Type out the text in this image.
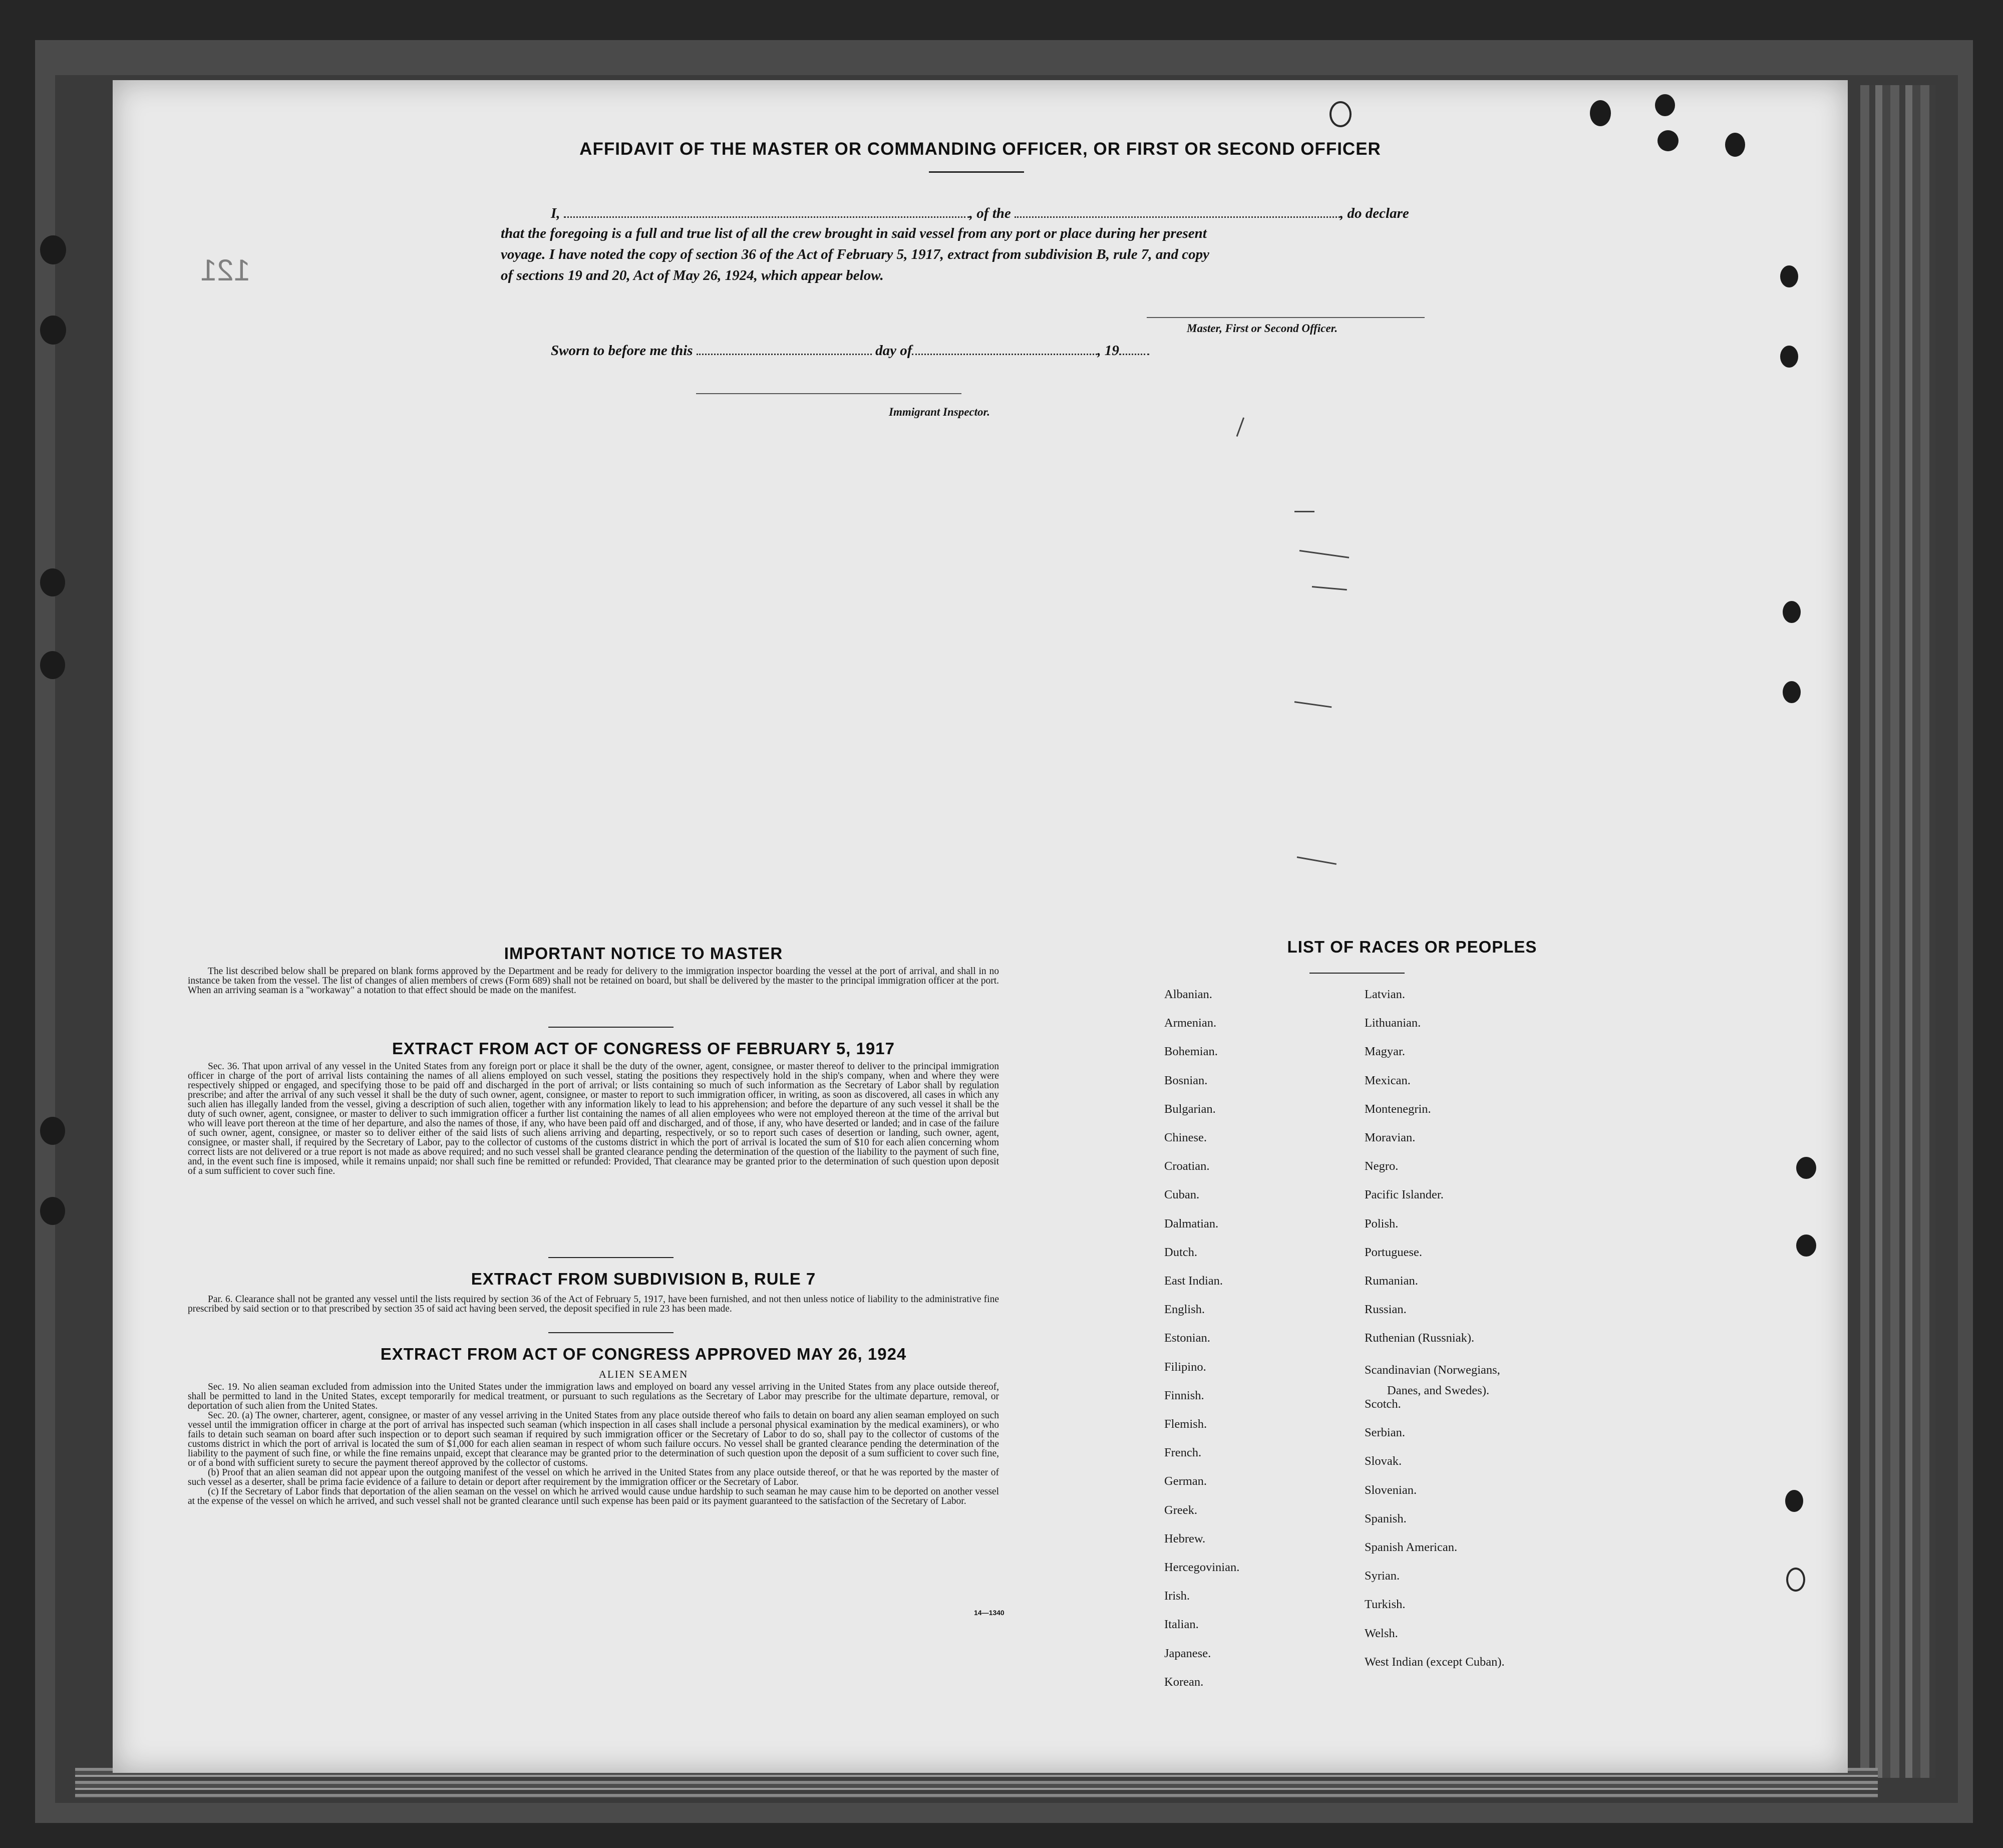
121
AFFIDAVIT OF THE MASTER OR COMMANDING OFFICER, OR FIRST OR SECOND OFFICER
I,	, of the	, do declare
that the foregoing is a full and true list of all the crew brought in said vessel from any port or place during her present
voyage. I have noted the copy of section 36 of the Act of February 5, 1917, extract from subdivision B, rule 7, and copy
of sections 19 and 20, Act of May 26, 1924, which appear below.
Master, First or Second Officer.
Sworn to before me this	day of	, 19
Immigrant Inspector.
IMPORTANT NOTICE TO MASTER

The list described below shall be prepared on blank forms approved by the Department and be ready for delivery to the immigration inspector boarding the vessel at the port of arrival, and shall in no instance be taken from the vessel. The list of changes of alien members of crews (Form 689) shall not be retained on board, but shall be delivered by the master to the principal immigration officer at the port. When an arriving seaman is a "workaway" a notation to that effect should be made on the manifest.

EXTRACT FROM ACT OF CONGRESS OF FEBRUARY 5, 1917

Sec. 36. That upon arrival of any vessel in the United States from any foreign port or place it shall be the duty of the owner, agent, consignee, or master thereof to deliver to the principal immigration officer in charge of the port of arrival lists containing the names of all aliens employed on such vessel, stating the positions they respectively hold in the ship's company, when and where they were respectively shipped or engaged, and specifying those to be paid off and discharged in the port of arrival; or lists containing so much of such information as the Secretary of Labor shall by regulation prescribe; and after the arrival of any such vessel it shall be the duty of such owner, agent, consignee, or master to report to such immigration officer, in writing, as soon as discovered, all cases in which any such alien has illegally landed from the vessel, giving a description of such alien, together with any information likely to lead to his apprehension; and before the departure of any such vessel it shall be the duty of such owner, agent, consignee, or master to deliver to such immigration officer a further list containing the names of all alien employees who were not employed thereon at the time of the arrival but who will leave port thereon at the time of her departure, and also the names of those, if any, who have been paid off and discharged, and of those, if any, who have deserted or landed; and in case of the failure of such owner, agent, consignee, or master so to deliver either of the said lists of such aliens arriving and departing, respectively, or so to report such cases of desertion or landing, such owner, agent, consignee, or master shall, if required by the Secretary of Labor, pay to the collector of customs of the customs district in which the port of arrival is located the sum of $10 for each alien concerning whom correct lists are not delivered or a true report is not made as above required; and no such vessel shall be granted clearance pending the determination of the question of the liability to the payment of such fine, and, in the event such fine is imposed, while it remains unpaid; nor shall such fine be remitted or refunded: Provided, That clearance may be granted prior to the determination of such question upon deposit of a sum sufficient to cover such fine.

EXTRACT FROM SUBDIVISION B, RULE 7

Par. 6. Clearance shall not be granted any vessel until the lists required by section 36 of the Act of February 5, 1917, have been furnished, and not then unless notice of liability to the administrative fine prescribed by said section or to that prescribed by section 35 of said act having been served, the deposit specified in rule 23 has been made.

EXTRACT FROM ACT OF CONGRESS APPROVED MAY 26, 1924
ALIEN SEAMEN

Sec. 19. No alien seaman excluded from admission into the United States under the immigration laws and employed on board any vessel arriving in the United States from any place outside thereof, shall be permitted to land in the United States, except temporarily for medical treatment, or pursuant to such regulations as the Secretary of Labor may prescribe for the ultimate departure, removal, or deportation of such alien from the United States.

Sec. 20. (a) The owner, charterer, agent, consignee, or master of any vessel arriving in the United States from any place outside thereof who fails to detain on board any alien seaman employed on such vessel until the immigration officer in charge at the port of arrival has inspected such seaman (which inspection in all cases shall include a personal physical examination by the medical examiners), or who fails to detain such seaman on board after such inspection or to deport such seaman if required by such immigration officer or the Secretary of Labor to do so, shall pay to the collector of customs of the customs district in which the port of arrival is located the sum of $1,000 for each alien seaman in respect of whom such failure occurs. No vessel shall be granted clearance pending the determination of the liability to the payment of such fine, or while the fine remains unpaid, except that clearance may be granted prior to the determination of such question upon the deposit of a sum sufficient to cover such fine, or of a bond with sufficient surety to secure the payment thereof approved by the collector of customs.

(b) Proof that an alien seaman did not appear upon the outgoing manifest of the vessel on which he arrived in the United States from any place outside thereof, or that he was reported by the master of such vessel as a deserter, shall be prima facie evidence of a failure to detain or deport after requirement by the immigration officer or the Secretary of Labor.

(c) If the Secretary of Labor finds that deportation of the alien seaman on the vessel on which he arrived would cause undue hardship to such seaman he may cause him to be deported on another vessel at the expense of the vessel on which he arrived, and such vessel shall not be granted clearance until such expense has been paid or its payment guaranteed to the satisfaction of the Secretary of Labor.

14—1340
LIST OF RACES OR PEOPLES
Albanian.
Armenian.
Bohemian.
Bosnian.
Bulgarian.
Chinese.
Croatian.
Cuban.
Dalmatian.
Dutch.
East Indian.
English.
Estonian.
Filipino.
Finnish.
Flemish.
French.
German.
Greek.
Hebrew.
Hercegovinian.
Irish.
Italian.
Japanese.
Korean.
Latvian.
Lithuanian.
Magyar.
Mexican.
Montenegrin.
Moravian.
Negro.
Pacific Islander.
Polish.
Portuguese.
Rumanian.
Russian.
Ruthenian (Russniak).
Scandinavian (Norwegians,
Danes, and Swedes).
Scotch.
Serbian.
Slovak.
Slovenian.
Spanish.
Spanish American.
Syrian.
Turkish.
Welsh.
West Indian (except Cuban).
